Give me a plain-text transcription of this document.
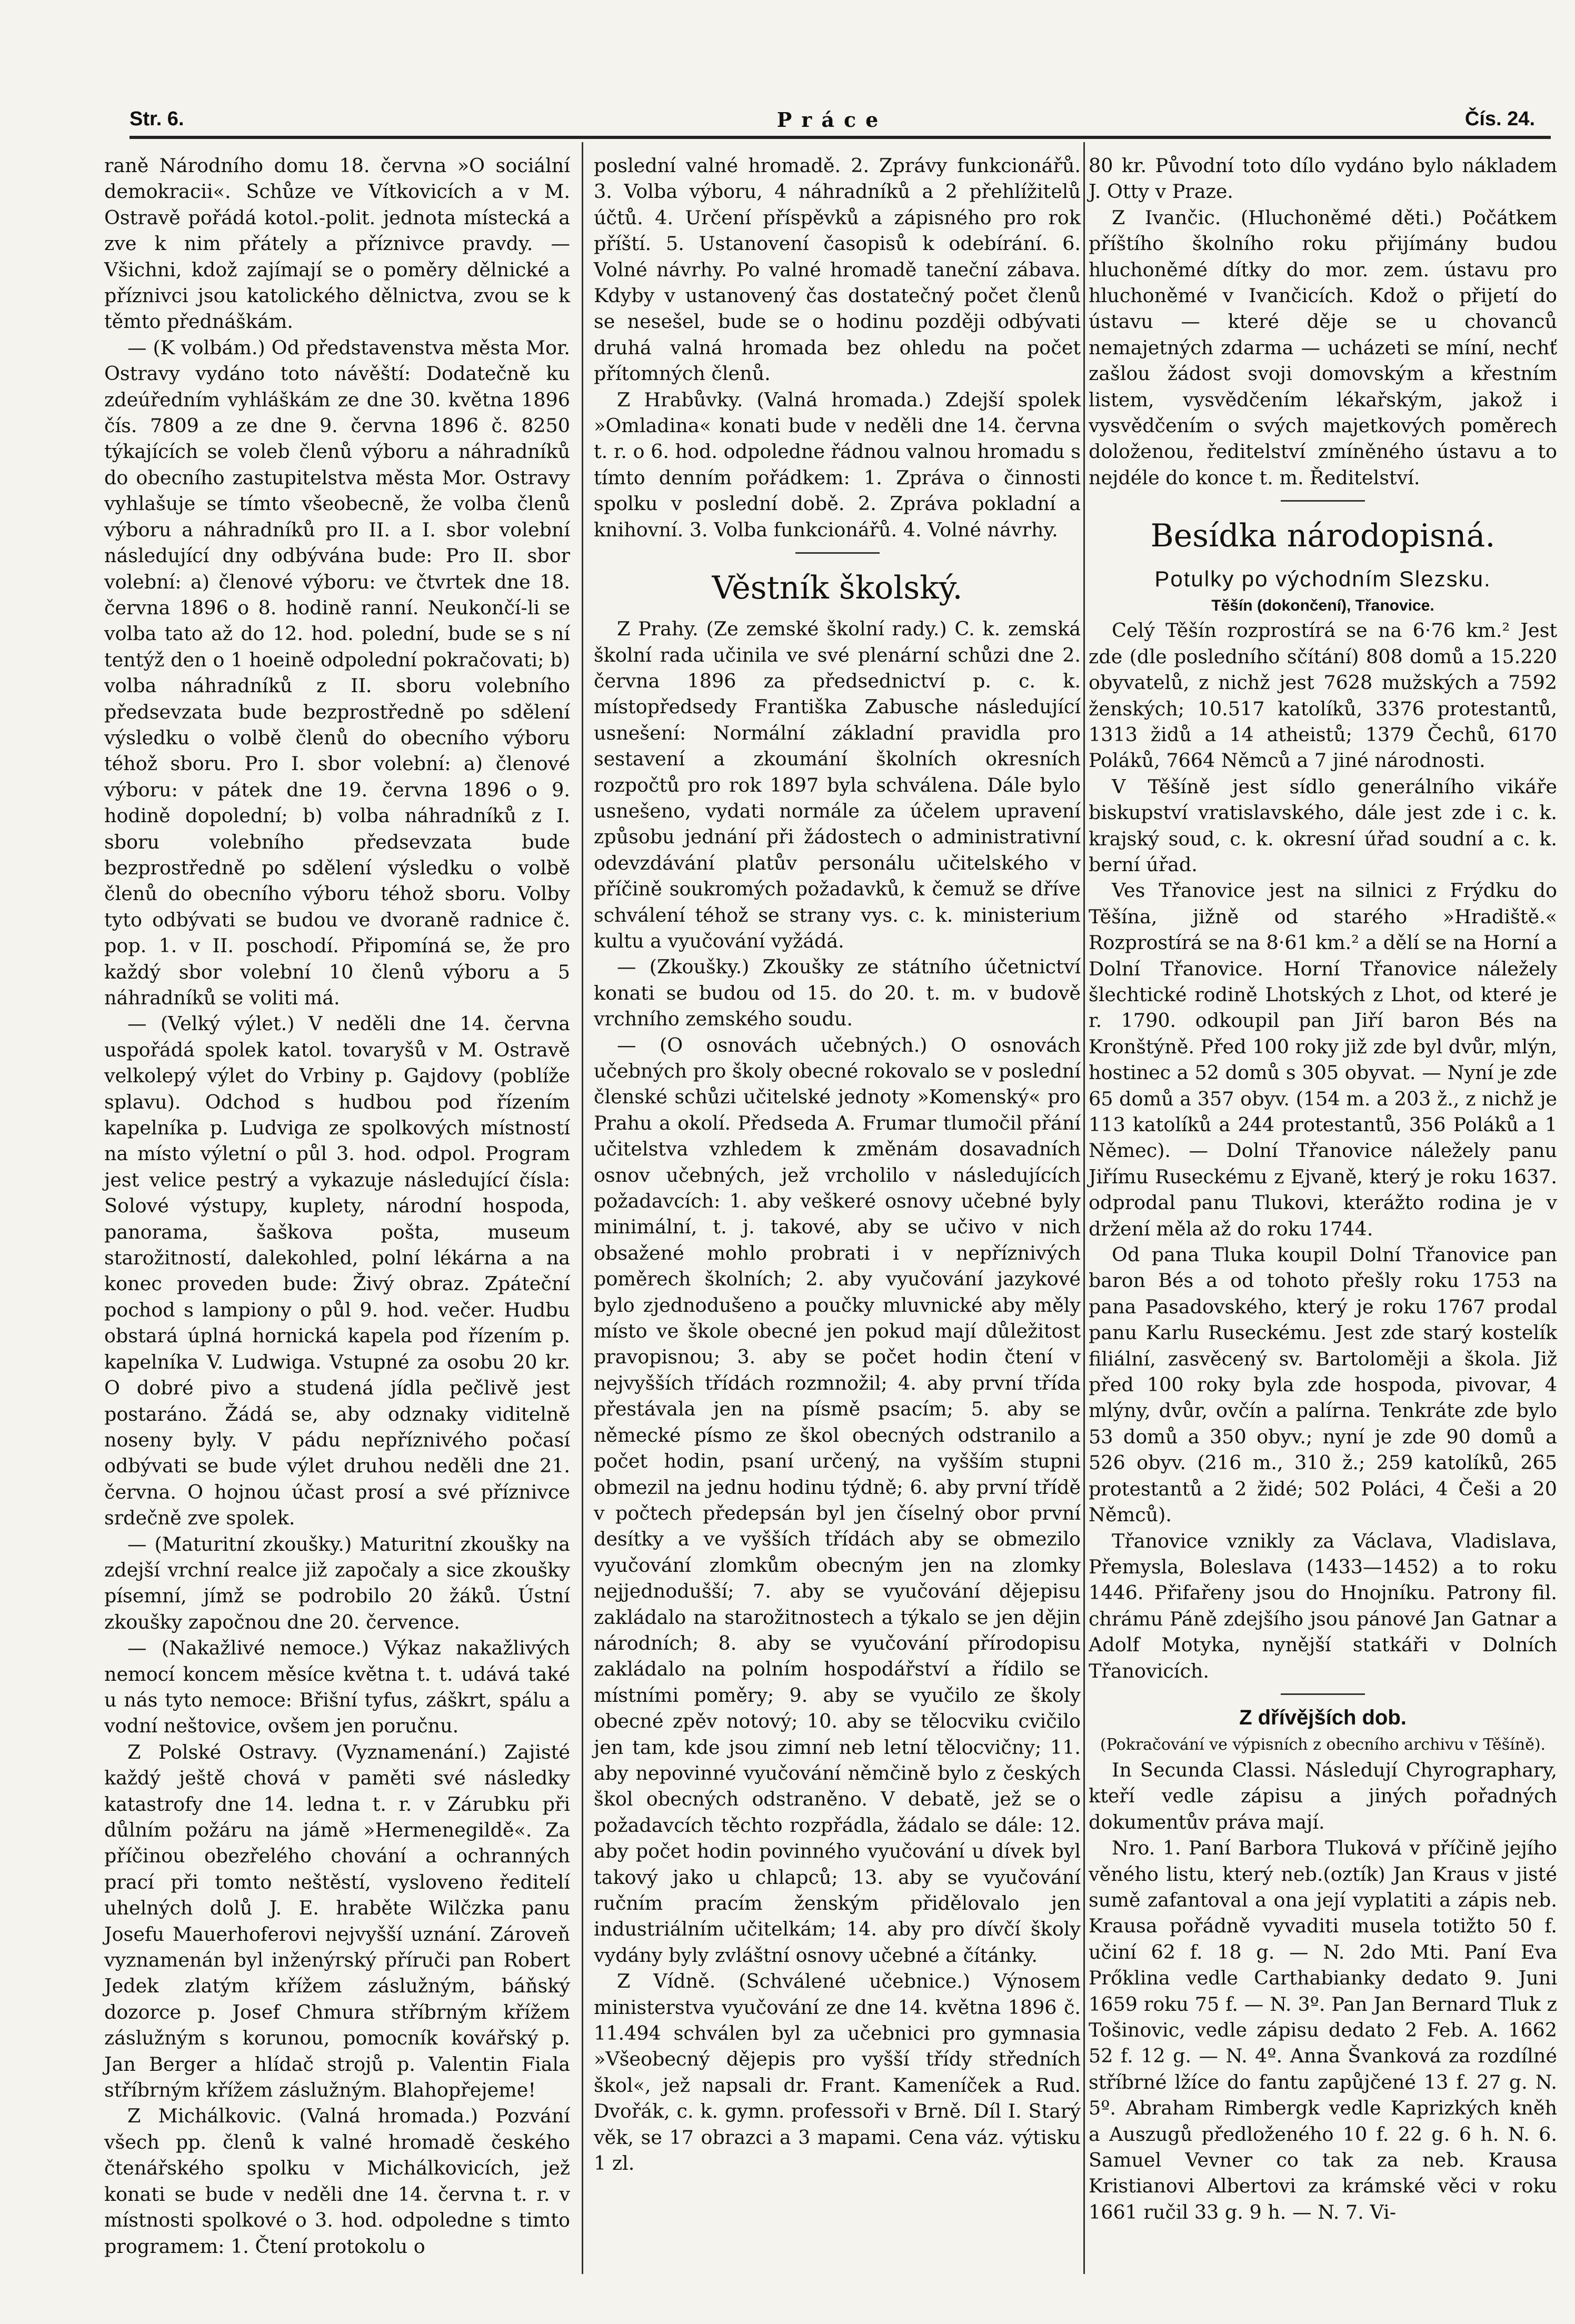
Str. 6.	Práce	Čís. 24.

raně Národního domu 18. června »O sociální demokracii«. Schůze ve Vítkovicích a v M. Ostravě pořádá kotol.-polit. jednota místecká a zve k nim přátely a příznivce pravdy. — Všichni, kdož zajímají se o poměry dělnické a příznivci jsou katolického dělnictva, zvou se k těmto přednáškám.

— (K volbám.) Od představenstva města Mor. Ostravy vydáno toto návěští: Dodatečně ku zdeúředním vyhláškám ze dne 30. května 1896 čís. 7809 a ze dne 9. června 1896 č. 8250 týkajících se voleb členů výboru a náhradníků do obecního zastupitelstva města Mor. Ostravy vyhlašuje se tímto všeobecně, že volba členů výboru a náhradníků pro II. a I. sbor volební následující dny odbývána bude: Pro II. sbor volební: a) členové výboru: ve čtvrtek dne 18. června 1896 o 8. hodině ranní. Neukončí-li se volba tato až do 12. hod. polední, bude se s ní tentýž den o 1 hoeině odpolední pokračovati; b) volba náhradníků z II. sboru volebního předsevzata bude bezprostředně po sdělení výsledku o volbě členů do obecního výboru téhož sboru. Pro I. sbor volební: a) členové výboru: v pátek dne 19. června 1896 o 9. hodině dopolední; b) volba náhradníků z I. sboru volebního předsevzata bude bezprostředně po sdělení výsledku o volbě členů do obecního výboru téhož sboru. Volby tyto odbývati se budou ve dvoraně radnice č. pop. 1. v II. poschodí. Připomíná se, že pro každý sbor volební 10 členů výboru a 5 náhradníků se voliti má.

— (Velký výlet.) V neděli dne 14. června uspořádá spolek katol. tovaryšů v M. Ostravě velkolepý výlet do Vrbiny p. Gajdovy (poblíže splavu). Odchod s hudbou pod řízením kapelníka p. Ludviga ze spolkových místností na místo výletní o půl 3. hod. odpol. Program jest velice pestrý a vykazuje následující čísla: Solové výstupy, kuplety, národní hospoda, panorama, šaškova pošta, museum starožitností, dalekohled, polní lékárna a na konec proveden bude: Živý obraz. Zpáteční pochod s lampiony o půl 9. hod. večer. Hudbu obstará úplná hornická kapela pod řízením p. kapelníka V. Ludwiga. Vstupné za osobu 20 kr. O dobré pivo a studená jídla pečlivě jest postaráno. Žádá se, aby odznaky viditelně noseny byly. V pádu nepříznivého počasí odbývati se bude výlet druhou neděli dne 21. června. O hojnou účast prosí a své příznivce srdečně zve spolek.

— (Maturitní zkoušky.) Maturitní zkoušky na zdejší vrchní realce již započaly a sice zkoušky písemní, jímž se podrobilo 20 žáků. Ústní zkoušky započnou dne 20. července.

— (Nakažlivé nemoce.) Výkaz nakažlivých nemocí koncem měsíce května t. t. udává také u nás tyto nemoce: Břišní tyfus, záškrt, spálu a vodní neštovice, ovšem jen poručnu.

Z Polské Ostravy. (Vyznamenání.) Zajisté každý ještě chová v paměti své následky katastrofy dne 14. ledna t. r. v Zárubku při důlním požáru na jámě »Hermenegildě«. Za příčinou obezřelého chování a ochranných prací při tomto neštěstí, vysloveno ředitelí uhelných dolů J. E. hraběte Wilčzka panu Josefu Mauerhoferovi nejvyšší uznání. Zároveň vyznamenán byl inženýrský příruči pan Robert Jedek zlatým křížem záslužným, báňský dozorce p. Josef Chmura stříbrným křížem záslužným s korunou, pomocník kovářský p. Jan Berger a hlídač strojů p. Valentin Fiala stříbrným křížem záslužným. Blahopřejeme!

Z Michálkovic. (Valná hromada.) Pozvání všech pp. členů k valné hromadě českého čtenářského spolku v Michálkovicích, jež konati se bude v neděli dne 14. června t. r. v místnosti spolkové o 3. hod. odpoledne s timto programem: 1. Čtení protokolu o

poslední valné hromadě. 2. Zprávy funkcionářů. 3. Volba výboru, 4 náhradníků a 2 přehlížitelů účtů. 4. Určení příspěvků a zápisného pro rok příští. 5. Ustanovení časopisů k odebírání. 6. Volné návrhy. Po valné hromadě taneční zábava. Kdyby v ustanovený čas dostatečný počet členů se nesešel, bude se o hodinu později odbývati druhá valná hromada bez ohledu na počet přítomných členů.

Z Hrabůvky. (Valná hromada.) Zdejší spolek »Omladina« konati bude v neděli dne 14. června t. r. o 6. hod. odpoledne řádnou valnou hromadu s tímto denním pořádkem: 1. Zpráva o činnosti spolku v poslední době. 2. Zpráva pokladní a knihovní. 3. Volba funkcionářů. 4. Volné návrhy.

Věstník školský.

Z Prahy. (Ze zemské školní rady.) C. k. zemská školní rada učinila ve své plenární schůzi dne 2. června 1896 za předsednictví p. c. k. místopředsedy Františka Zabusche následující usnešení: Normální základní pravidla pro sestavení a zkoumání školních okresních rozpočtů pro rok 1897 byla schválena. Dále bylo usnešeno, vydati normále za účelem upravení způsobu jednání při žádostech o administrativní odevzdávání platův personálu učitelského v příčině soukromých požadavků, k čemuž se dříve schválení téhož se strany vys. c. k. ministerium kultu a vyučování vyžádá.

— (Zkoušky.) Zkoušky ze státního účetnictví konati se budou od 15. do 20. t. m. v budově vrchního zemského soudu.

— (O osnovách učebných.) O osnovách učebných pro školy obecné rokovalo se v poslední členské schůzi učitelské jednoty »Komenský« pro Prahu a okolí. Předseda A. Frumar tlumočil přání učitelstva vzhledem k změnám dosavadních osnov učebných, jež vrcholilo v následujících požadavcích: 1. aby veškeré osnovy učebné byly minimální, t. j. takové, aby se učivo v nich obsažené mohlo probrati i v nepříznivých poměrech školních; 2. aby vyučování jazykové bylo zjednodušeno a poučky mluvnické aby měly místo ve škole obecné jen pokud mají důležitost pravopisnou; 3. aby se počet hodin čtení v nejvyšších třídách rozmnožil; 4. aby první třída přestávala jen na písmě psacím; 5. aby se německé písmo ze škol obecných odstranilo a počet hodin, psaní určený, na vyšším stupni obmezil na jednu hodinu týdně; 6. aby první třídě v počtech předepsán byl jen číselný obor první desítky a ve vyšších třídách aby se obmezilo vyučování zlomkům obecným jen na zlomky nejjednodušší; 7. aby se vyučování dějepisu zakládalo na starožitnostech a týkalo se jen dějin národních; 8. aby se vyučování přírodopisu zakládalo na polním hospodářství a řídilo se místními poměry; 9. aby se vyučilo ze školy obecné zpěv notový; 10. aby se tělocviku cvičilo jen tam, kde jsou zimní neb letní tělocvičny; 11. aby nepovinné vyučování němčině bylo z českých škol obecných odstraněno. V debatě, jež se o požadavcích těchto rozpřádla, žádalo se dále: 12. aby počet hodin povinného vyučování u dívek byl takový jako u chlapců; 13. aby se vyučování ručním pracím ženským přidělovalo jen industriálním učitelkám; 14. aby pro dívčí školy vydány byly zvláštní osnovy učebné a čítánky.

Z Vídně. (Schválené učebnice.) Výnosem ministerstva vyučování ze dne 14. května 1896 č. 11.494 schválen byl za učebnici pro gymnasia »Všeobecný dějepis pro vyšší třídy středních škol«, jež napsali dr. Frant. Kameníček a Rud. Dvořák, c. k. gymn. professoři v Brně. Díl I. Starý věk, se 17 obrazci a 3 mapami. Cena váz. výtisku 1 zl.

80 kr. Původní toto dílo vydáno bylo nákladem J. Otty v Praze.

Z Ivančic. (Hluchoněmé děti.) Počátkem příštího školního roku přijímány budou hluchoněmé dítky do mor. zem. ústavu pro hluchoněmé v Ivančicích. Kdož o přijetí do ústavu — které děje se u chovanců nemajetných zdarma — ucházeti se míní, nechť zašlou žádost svoji domovským a křestním listem, vysvědčením lékařským, jakož i vysvědčením o svých majetkových poměrech doloženou, ředitelství zmíněného ústavu a to nejdéle do konce t. m. Ředitelství.

Besídka národopisná.
Potulky po východním Slezsku.
Těšín (dokončení), Třanovice.

Celý Těšín rozprostírá se na 6·76 km.² Jest zde (dle posledního sčítání) 808 domů a 15.220 obyvatelů, z nichž jest 7628 mužských a 7592 ženských; 10.517 katolíků, 3376 protestantů, 1313 židů a 14 atheistů; 1379 Čechů, 6170 Poláků, 7664 Němců a 7 jiné národnosti.

V Těšíně jest sídlo generálního vikáře biskupství vratislavského, dále jest zde i c. k. krajský soud, c. k. okresní úřad soudní a c. k. berní úřad.

Ves Třanovice jest na silnici z Frýdku do Těšína, jižně od starého »Hradiště.« Rozprostírá se na 8·61 km.² a dělí se na Horní a Dolní Třanovice. Horní Třanovice náležely šlechtické rodině Lhotských z Lhot, od které je r. 1790. odkoupil pan Jiří baron Bés na Kronštýně. Před 100 roky již zde byl dvůr, mlýn, hostinec a 52 domů s 305 obyvat. — Nyní je zde 65 domů a 357 obyv. (154 m. a 203 ž., z nichž je 113 katolíků a 244 protestantů, 356 Poláků a 1 Němec). — Dolní Třanovice náležely panu Jiřímu Ruseckému z Ejvaně, který je roku 1637. odprodal panu Tlukovi, kterážto rodina je v držení měla až do roku 1744.

Od pana Tluka koupil Dolní Třanovice pan baron Bés a od tohoto přešly roku 1753 na pana Pasadovského, který je roku 1767 prodal panu Karlu Ruseckému. Jest zde starý kostelík filiální, zasvěcený sv. Bartoloměji a škola. Již před 100 roky byla zde hospoda, pivovar, 4 mlýny, dvůr, ovčín a palírna. Tenkráte zde bylo 53 domů a 350 obyv.; nyní je zde 90 domů a 526 obyv. (216 m., 310 ž.; 259 katolíků, 265 protestantů a 2 židé; 502 Poláci, 4 Češi a 20 Němců).

Třanovice vznikly za Václava, Vladislava, Přemysla, Boleslava (1433—1452) a to roku 1446. Přifařeny jsou do Hnojníku. Patrony fil. chrámu Páně zdejšího jsou pánové Jan Gatnar a Adolf Motyka, nynější statkáři v Dolních Třanovicích.

Z dřívějších dob.
(Pokračování ve výpisních z obecního archivu v Těšíně).

In Secunda Classi. Následují Chyrographary, kteří vedle zápisu a jiných pořadných dokumentův práva mají.

Nro. 1. Paní Barbora Tluková v příčině jejího věného listu, který neb.(oztík) Jan Kraus v jisté sumě zafantoval a ona její vyplatiti a zápis neb. Krausa pořádně vyvaditi musela totižto 50 f. učiní 62 f. 18 g. — N. 2do Mti. Paní Eva Prőklina vedle Carthabianky dedato 9. Juni 1659 roku 75 f. — N. 3º. Pan Jan Bernard Tluk z Tošinovic, vedle zápisu dedato 2 Feb. A. 1662 52 f. 12 g. — N. 4º. Anna Švanková za rozdílné stříbrné lžíce do fantu zapůjčené 13 f. 27 g. N. 5º. Abraham Rimbergk vedle Kaprizkých kněh a Auszugů předloženého 10 f. 22 g. 6 h. N. 6. Samuel Vevner co tak za neb. Krausa Kristianovi Albertovi za krámské věci v roku 1661 ručil 33 g. 9 h. — N. 7. Vi-
